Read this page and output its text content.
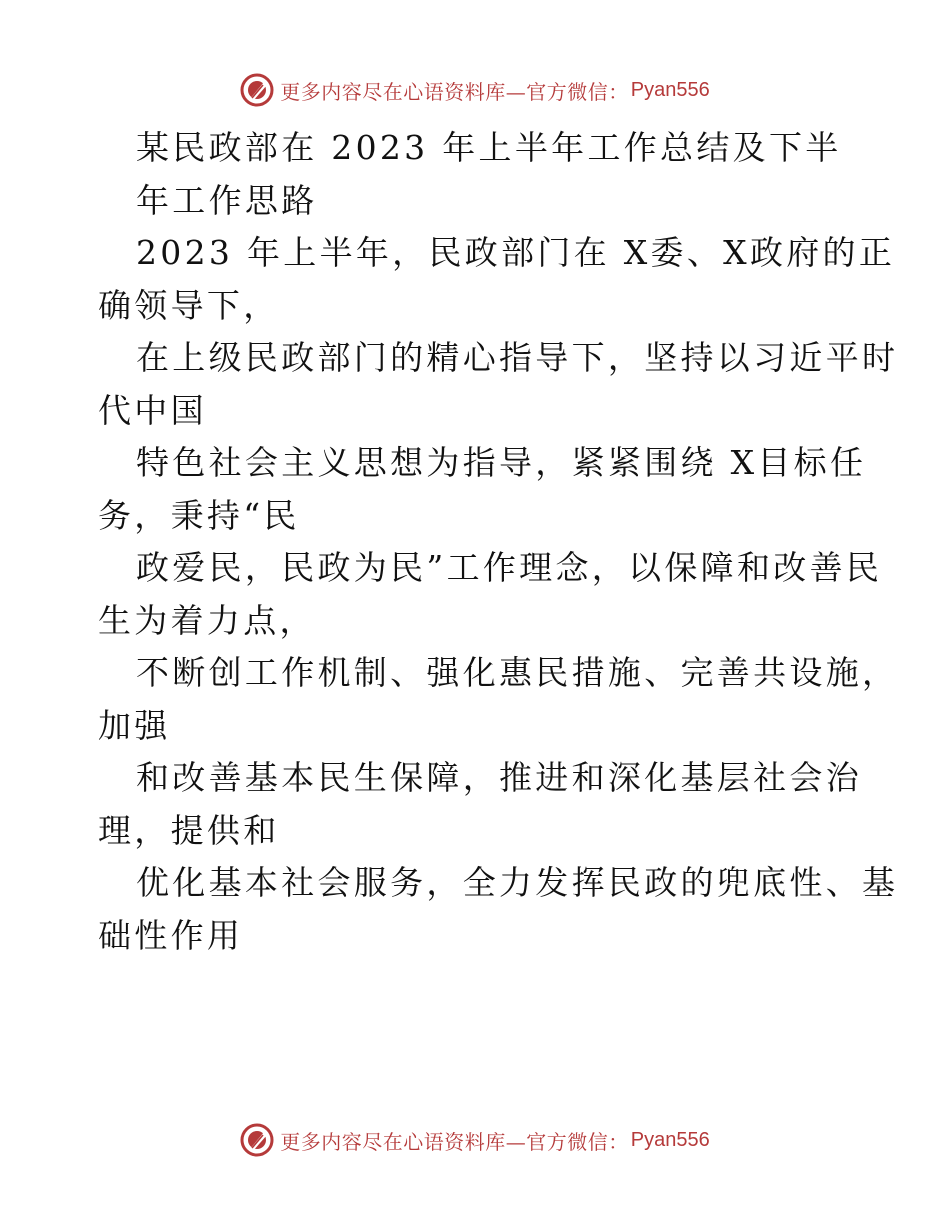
更多内容尽在心语资料库—官方微信： Pyan556
某民政部在 2023 年上半年工作总结及下半
年工作思路
2023 年上半年，民政部门在 X委、X政府的正
确领导下，
在上级民政部门的精心指导下，坚持以习近平时
代中国
特色社会主义思想为指导，紧紧围绕 X目标任
务，秉持“民
政爱民，民政为民”工作理念，以保障和改善民
生为着力点，
不断创工作机制、强化惠民措施、完善共设施，
加强
和改善基本民生保障，推进和深化基层社会治
理，提供和
优化基本社会服务，全力发挥民政的兜底性、基
础性作用
更多内容尽在心语资料库—官方微信： Pyan556
